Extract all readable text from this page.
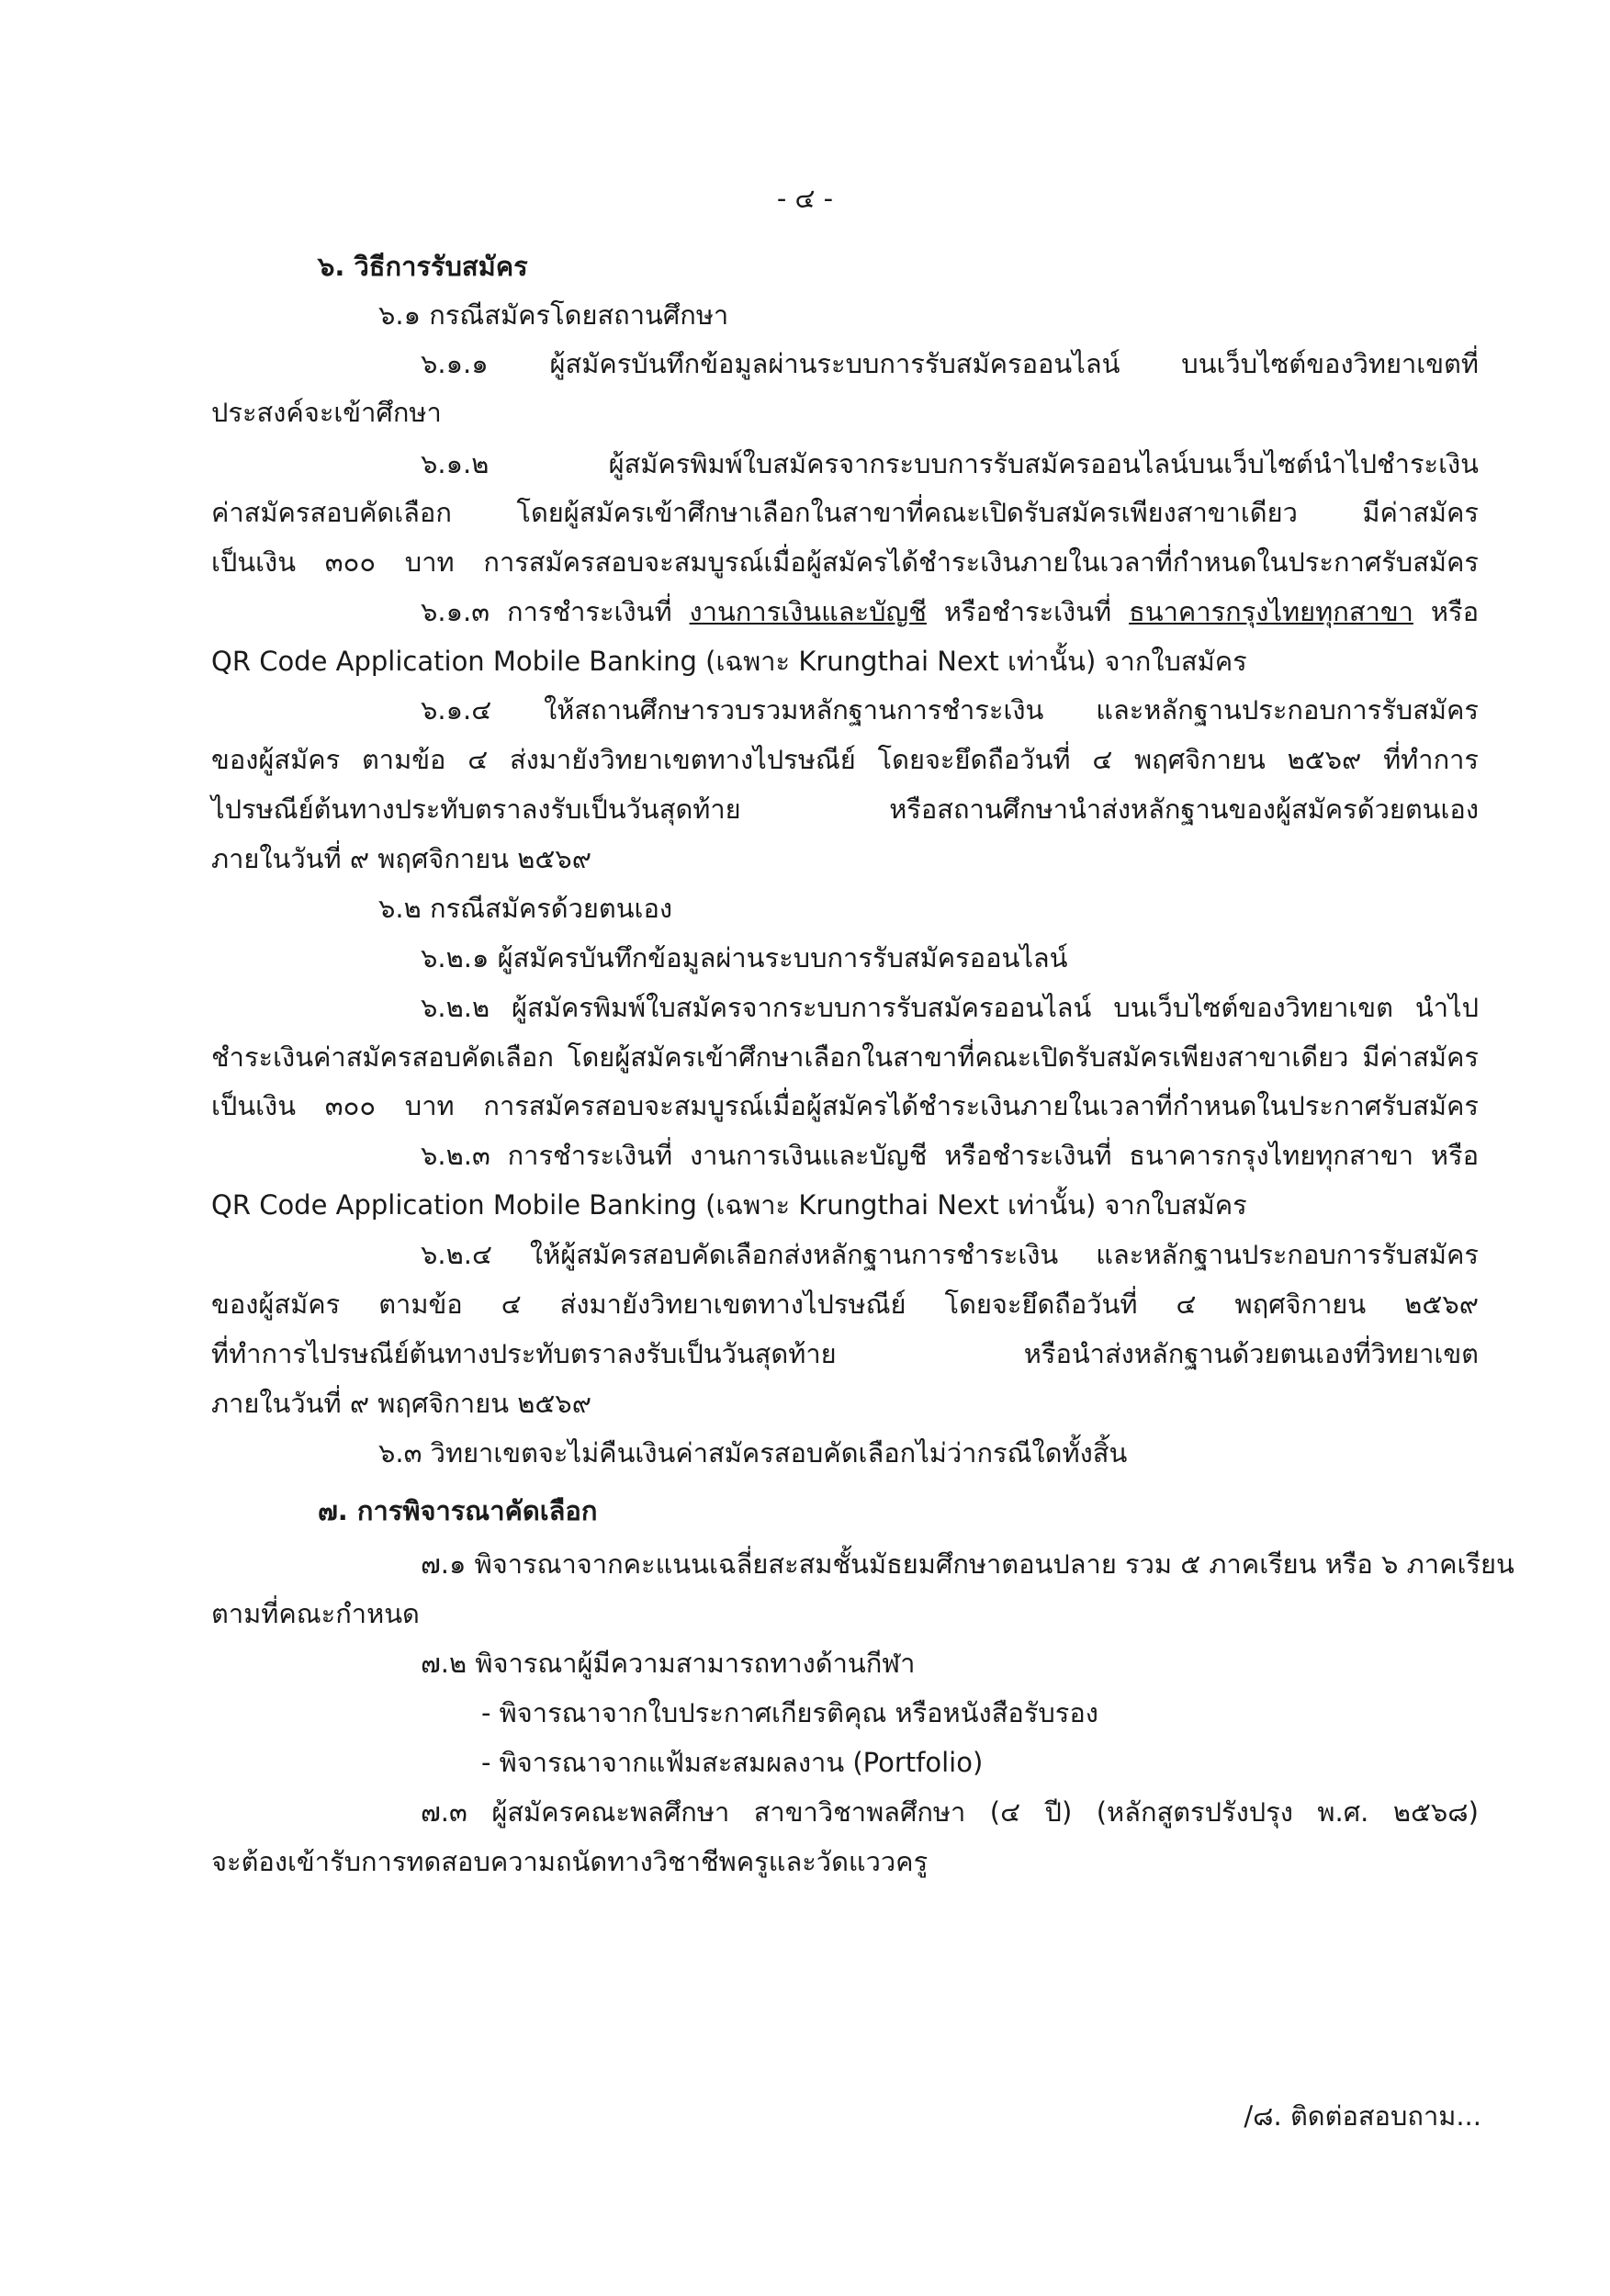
- ๔ -
๖. วิธีการรับสมัคร
๖.๑ กรณีสมัครโดยสถานศึกษา
๖.๑.๑ ผู้สมัครบันทึกข้อมูลผ่านระบบการรับสมัครออนไลน์ บนเว็บไซต์ของวิทยาเขตที่
ประสงค์จะเข้าศึกษา
๖.๑.๒ ผู้สมัครพิมพ์ใบสมัครจากระบบการรับสมัครออนไลน์บนเว็บไซต์นำไปชำระเงิน
ค่าสมัครสอบคัดเลือก โดยผู้สมัครเข้าศึกษาเลือกในสาขาที่คณะเปิดรับสมัครเพียงสาขาเดียว มีค่าสมัคร
เป็นเงิน ๓๐๐ บาท การสมัครสอบจะสมบูรณ์เมื่อผู้สมัครได้ชำระเงินภายในเวลาที่กำหนดในประกาศรับสมัคร
๖.๑.๓ การชำระเงินที่ งานการเงินและบัญชี หรือชำระเงินที่ ธนาคารกรุงไทยทุกสาขา หรือ
QR Code Application Mobile Banking (เฉพาะ Krungthai Next เท่านั้น) จากใบสมัคร
๖.๑.๔ ให้สถานศึกษารวบรวมหลักฐานการชำระเงิน และหลักฐานประกอบการรับสมัคร
ของผู้สมัคร ตามข้อ ๔ ส่งมายังวิทยาเขตทางไปรษณีย์ โดยจะยึดถือวันที่ ๔ พฤศจิกายน ๒๕๖๙ ที่ทำการ
ไปรษณีย์ต้นทางประทับตราลงรับเป็นวันสุดท้าย หรือสถานศึกษานำส่งหลักฐานของผู้สมัครด้วยตนเอง
ภายในวันที่ ๙ พฤศจิกายน ๒๕๖๙
๖.๒ กรณีสมัครด้วยตนเอง
๖.๒.๑ ผู้สมัครบันทึกข้อมูลผ่านระบบการรับสมัครออนไลน์
๖.๒.๒ ผู้สมัครพิมพ์ใบสมัครจากระบบการรับสมัครออนไลน์ บนเว็บไซต์ของวิทยาเขต นำไป
ชำระเงินค่าสมัครสอบคัดเลือก โดยผู้สมัครเข้าศึกษาเลือกในสาขาที่คณะเปิดรับสมัครเพียงสาขาเดียว มีค่าสมัคร
เป็นเงิน ๓๐๐ บาท การสมัครสอบจะสมบูรณ์เมื่อผู้สมัครได้ชำระเงินภายในเวลาที่กำหนดในประกาศรับสมัคร
๖.๒.๓ การชำระเงินที่ งานการเงินและบัญชี หรือชำระเงินที่ ธนาคารกรุงไทยทุกสาขา หรือ
QR Code Application Mobile Banking (เฉพาะ Krungthai Next เท่านั้น) จากใบสมัคร
๖.๒.๔ ให้ผู้สมัครสอบคัดเลือกส่งหลักฐานการชำระเงิน และหลักฐานประกอบการรับสมัคร
ของผู้สมัคร ตามข้อ ๔ ส่งมายังวิทยาเขตทางไปรษณีย์ โดยจะยึดถือวันที่ ๔ พฤศจิกายน ๒๕๖๙
ที่ทำการไปรษณีย์ต้นทางประทับตราลงรับเป็นวันสุดท้าย หรือนำส่งหลักฐานด้วยตนเองที่วิทยาเขต
ภายในวันที่ ๙ พฤศจิกายน ๒๕๖๙
๖.๓ วิทยาเขตจะไม่คืนเงินค่าสมัครสอบคัดเลือกไม่ว่ากรณีใดทั้งสิ้น
๗. การพิจารณาคัดเลือก
๗.๑ พิจารณาจากคะแนนเฉลี่ยสะสมชั้นมัธยมศึกษาตอนปลาย รวม ๕ ภาคเรียน หรือ ๖ ภาคเรียน
ตามที่คณะกำหนด
๗.๒ พิจารณาผู้มีความสามารถทางด้านกีฬา
- พิจารณาจากใบประกาศเกียรติคุณ หรือหนังสือรับรอง
- พิจารณาจากแฟ้มสะสมผลงาน (Portfolio)
๗.๓ ผู้สมัครคณะพลศึกษา สาขาวิชาพลศึกษา (๔ ปี) (หลักสูตรปรังปรุง พ.ศ. ๒๕๖๘)
จะต้องเข้ารับการทดสอบความถนัดทางวิชาชีพครูและวัดแววครู
/๘. ติดต่อสอบถาม...
